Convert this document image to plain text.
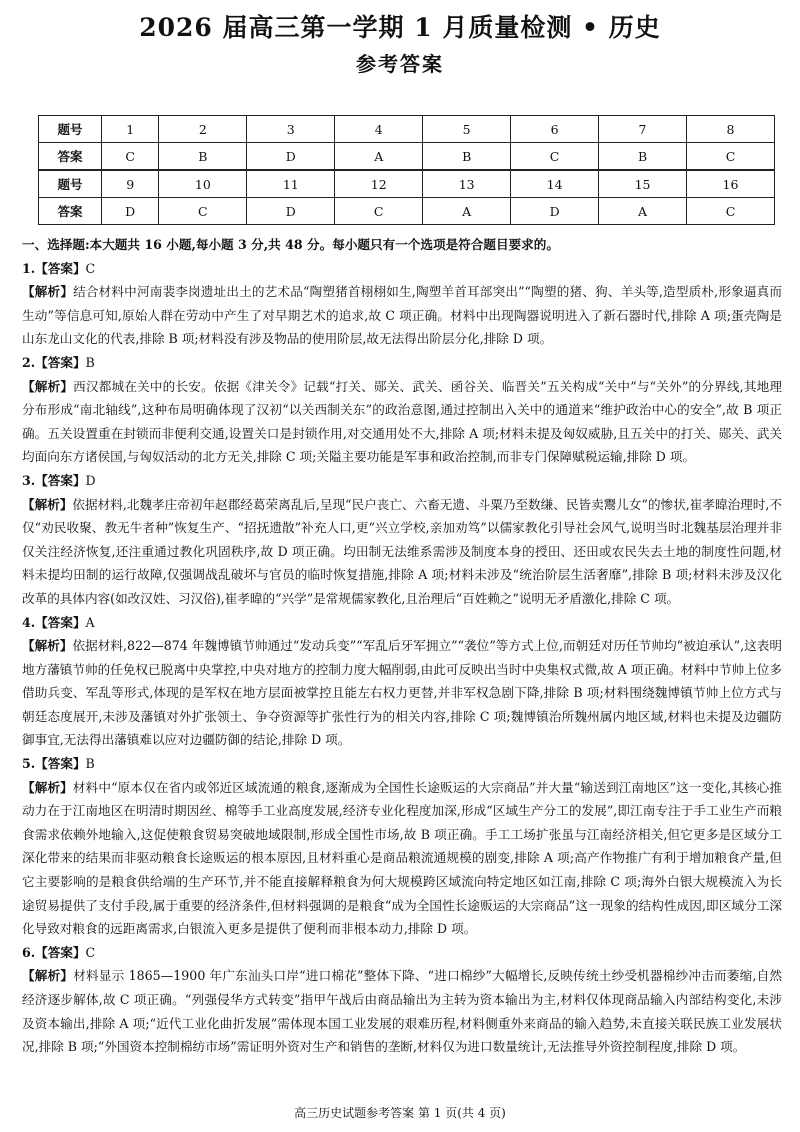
2026 届高三第一学期 1 月质量检测 • 历史
参考答案
题号	1	2	3	4	5	6	7	8
答案	C	B	D	A	B	C	B	C
题号	9	10	11	12	13	14	15	16
答案	D	C	D	C	A	D	A	C

一、选择题:本大题共 16 小题,每小题 3 分,共 48 分。每小题只有一个选项是符合题目要求的。

1.【答案】C

【解析】结合材料中河南裴李岗遗址出土的艺术品“陶塑猪首栩栩如生,陶塑羊首耳部突出”“陶塑的猪、狗、羊头等,造型质朴,形象逼真而生动”等信息可知,原始人群在劳动中产生了对早期艺术的追求,故 C 项正确。材料中出现陶器说明进入了新石器时代,排除 A 项;蛋壳陶是山东龙山文化的代表,排除 B 项;材料没有涉及物品的使用阶层,故无法得出阶层分化,排除 D 项。

2.【答案】B

【解析】西汉都城在关中的长安。依据《津关令》记载“打关、郧关、武关、函谷关、临晋关”五关构成“关中”与“关外”的分界线,其地理分布形成“南北轴线”,这种布局明确体现了汉初“以关西制关东”的政治意图,通过控制出入关中的通道来“维护政治中心的安全”,故 B 项正确。五关设置重在封锁而非便利交通,设置关口是封锁作用,对交通用处不大,排除 A 项;材料未提及匈奴威胁,且五关中的打关、郧关、武关均面向东方诸侯国,与匈奴活动的北方无关,排除 C 项;关隘主要功能是军事和政治控制,而非专门保障赋税运输,排除 D 项。

3.【答案】D

【解析】依据材料,北魏孝庄帝初年赵郡经葛荣离乱后,呈现“民户丧亡、六畜无遗、斗粟乃至数缣、民皆卖鬻儿女”的惨状,崔孝暐治理时,不仅“劝民收聚、教无牛者种”恢复生产、“招抚遗散”补充人口,更“兴立学校,亲加劝笃”以儒家教化引导社会风气,说明当时北魏基层治理并非仅关注经济恢复,还注重通过教化巩固秩序,故 D 项正确。均田制无法维系需涉及制度本身的授田、还田或农民失去土地的制度性问题,材料未提均田制的运行故障,仅强调战乱破坏与官员的临时恢复措施,排除 A 项;材料未涉及“统治阶层生活奢靡”,排除 B 项;材料未涉及汉化改革的具体内容(如改汉姓、习汉俗),崔孝暐的“兴学”是常规儒家教化,且治理后“百姓赖之”说明无矛盾激化,排除 C 项。

4.【答案】A

【解析】依据材料,822—874 年魏博镇节帅通过“发动兵变”“军乱后牙军拥立”“袭位”等方式上位,而朝廷对历任节帅均“被迫承认”,这表明地方藩镇节帅的任免权已脱离中央掌控,中央对地方的控制力度大幅削弱,由此可反映出当时中央集权式微,故 A 项正确。材料中节帅上位多借助兵变、军乱等形式,体现的是军权在地方层面被掌控且能左右权力更替,并非军权急剧下降,排除 B 项;材料围绕魏博镇节帅上位方式与朝廷态度展开,未涉及藩镇对外扩张领土、争夺资源等扩张性行为的相关内容,排除 C 项;魏博镇治所魏州属内地区域,材料也未提及边疆防御事宜,无法得出藩镇难以应对边疆防御的结论,排除 D 项。

5.【答案】B

【解析】材料中“原本仅在省内或邻近区域流通的粮食,逐渐成为全国性长途贩运的大宗商品”并大量“输送到江南地区”这一变化,其核心推动力在于江南地区在明清时期因丝、棉等手工业高度发展,经济专业化程度加深,形成“区域生产分工的发展”,即江南专注于手工业生产而粮食需求依赖外地输入,这促使粮食贸易突破地域限制,形成全国性市场,故 B 项正确。手工工场扩张虽与江南经济相关,但它更多是区域分工深化带来的结果而非驱动粮食长途贩运的根本原因,且材料重心是商品粮流通规模的剧变,排除 A 项;高产作物推广有利于增加粮食产量,但它主要影响的是粮食供给端的生产环节,并不能直接解释粮食为何大规模跨区域流向特定地区如江南,排除 C 项;海外白银大规模流入为长途贸易提供了支付手段,属于重要的经济条件,但材料强调的是粮食“成为全国性长途贩运的大宗商品”这一现象的结构性成因,即区域分工深化导致对粮食的远距离需求,白银流入更多是提供了便利而非根本动力,排除 D 项。

6.【答案】C

【解析】材料显示 1865—1900 年广东汕头口岸“进口棉花”整体下降、“进口棉纱”大幅增长,反映传统土纱受机器棉纱冲击而萎缩,自然经济逐步解体,故 C 项正确。“列强侵华方式转变”指甲午战后由商品输出为主转为资本输出为主,材料仅体现商品输入内部结构变化,未涉及资本输出,排除 A 项;“近代工业化曲折发展”需体现本国工业发展的艰难历程,材料侧重外来商品的输入趋势,未直接关联民族工业发展状况,排除 B 项;“外国资本控制棉纺市场”需证明外资对生产和销售的垄断,材料仅为进口数量统计,无法推导外资控制程度,排除 D 项。

高三历史试题参考答案 第 1 页(共 4 页)
